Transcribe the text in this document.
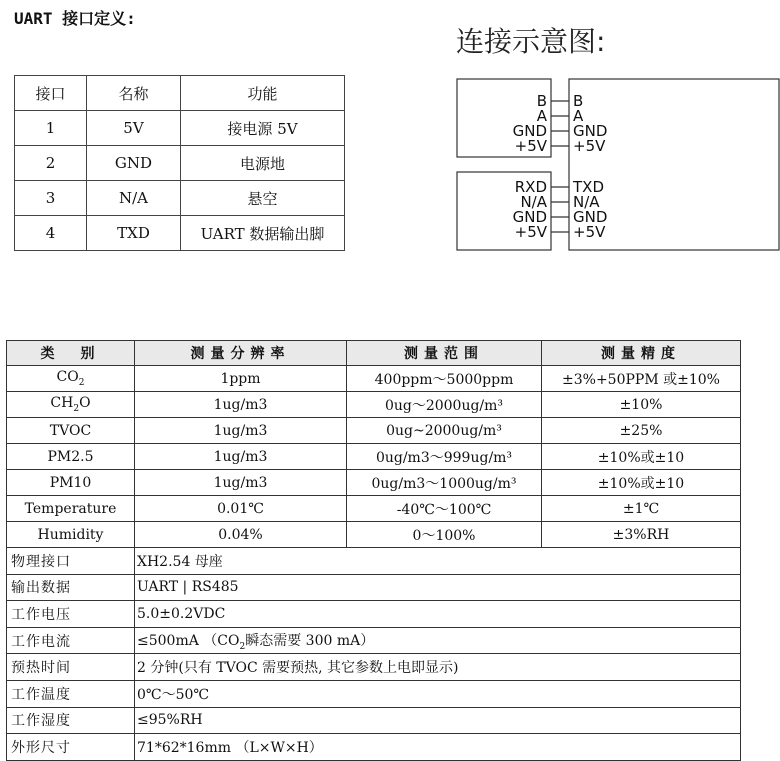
UART 接口定义:
连接示意图:
接口	名称	功能
1	5V	接电源 5V
2	GND	电源地
3	N/A	悬空
4	TXD	UART 数据输出脚
B B
A A
GND GND
+5V +5V
RXD TXD
N/A N/A
GND GND
+5V +5V
类　别	测量分辨率	测量范围	测量精度
$CO_2$	1ppm	400ppm～5000ppm	±3%+50PPM 或±10%
$CH_2O$	1ug/m3	0ug～2000ug/m³	±10%
TVOC	1ug/m3	0ug~2000ug/m³	±25%
PM2.5	1ug/m3	0ug/m3～999ug/m³	±10%或±10
PM10	1ug/m3	0ug/m3～1000ug/m³	±10%或±10
Temperature	0.01℃	-40℃～100℃	±1℃
Humidity	0.04%	0～100%	±3%RH
物理接口	XH2.54 母座		
输出数据	UART | RS485		
工作电压	5.0±0.2VDC		
工作电流	≤500mA （$CO_2$瞬态需要 300 mA）		
预热时间	2 分钟(只有 TVOC 需要预热, 其它参数上电即显示)		
工作温度	0℃～50℃		
工作湿度	≤95%RH		
外形尺寸	71*62*16mm （L×W×H）		
